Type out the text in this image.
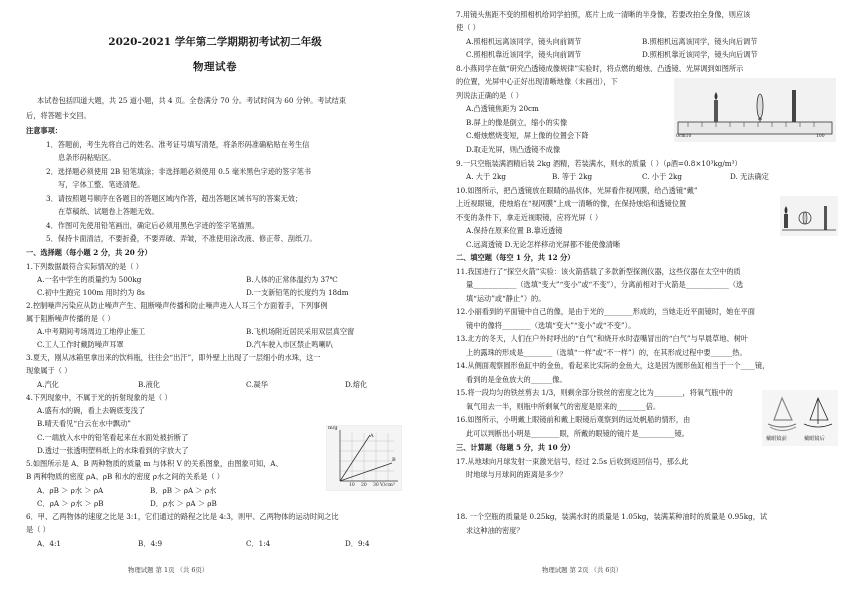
2020-2021 学年第二学期期初考试初二年级
物理试卷
本试卷包括四道大题，共 25 道小题，共 4 页。全卷满分 70 分。考试时间为 60 分钟。考试结束
后，将答题卡交回。
注意事项：
1．答题前，考生先将自己的姓名、准考证号填写清楚，将条形码准确粘贴在考生信
息条形码粘贴区。
2．选择题必须使用 2B 铅笔填涂；非选择题必须使用 0.5 毫米黑色字迹的签字笔书
写，字体工整、笔迹清楚。
3．请按照题号顺序在各题目的答题区域内作答，超出答题区域书写的答案无效；
在草稿纸、试题卷上答题无效。
4．作图可先使用铅笔画出，确定后必须用黑色字迹的签字笔描黑。
5．保持卡面清洁，不要折叠，不要弄破、弄皱，不准使用涂改液、修正带、刮纸刀。
一、选择题（每小题 2 分，共 20 分）
1.下列数据最符合实际情况的是（ ）
A.一名中学生的质量约为 500kg	B.人体的正常体温约为 37℃
C.初中生跑完 100m 用时约为 8s	D.一支新铅笔的长度约为 18dm
2.控制噪声污染应从防止噪声产生、阻断噪声传播和防止噪声进入人耳三个方面着手，下列事例
属于阻断噪声传播的是（ ）
A.中考期间考场周边工地停止施工	B.飞机场附近居民采用双层真空窗
C.工人工作时戴防噪声耳罩	D.汽车驶入市区禁止鸣喇叭
3.夏天，刚从冰箱里拿出来的饮料瓶，往往会“出汗”，即外壁上出现了一层细小的水珠，这一
现象属于（ ）
A.汽化	B.液化	C.凝华	D.熔化
4.下列现象中，不属于光的折射现象的是（ ）
A.盛有水的碗，看上去碗底变浅了
B.晴天看见“白云在水中飘动”
C.一端放入水中的铅笔看起来在水面处被折断了
D.透过一张透明塑料纸上的水珠看到的字放大了
5.如图所示是 A、B 两种物质的质量 m 与体积 V 的关系图象，由图象可知，A、
B 两种物质的密度 ρA、ρB 和水的密度 ρ水之间的关系是（ ）
A．ρB ＞ ρ水 ＞ ρA	B．ρB ＞ ρA ＞ ρ水
C．ρA ＞ ρ水 ＞ ρB	D．ρ水 ＞ ρA ＞ ρB
6．甲、乙两物体的速度之比是 3:1，它们通过的路程之比是 4:3，则甲、乙两物体的运动时间之比
是（ ）
A．4:1	B．4:9	C．1:4	D．9:4
m/g
V/cm³
A
B
10 20 30
物理试题 第 1页 （共 6页）
7.用镜头焦距不变的照相机给同学拍照，底片上成一清晰的半身像，若要改拍全身像，则应该
使（ ）
A.照相机远离该同学，镜头向前调节	B.照相机远离该同学，镜头向后调节
C.照相机靠近该同学，镜头向前调节	D.照相机靠近该同学，镜头向后调节
8.小燕同学在做“研究凸透镜成像规律”实验时，将点燃的蜡烛、凸透镜、光屏调到如图所示
的位置，光屏中心正好出现清晰地像（未画出），下
列说法正确的是（ ）
A.凸透镜焦距为 20cm
B.屏上的像是倒立，缩小的实像
C.蜡烛燃烧变短，屏上像的位置会下降
D.取走光屏，则凸透镜不成像
0cm10	100
9.一只空瓶装满酒精后装 2kg 酒精，若装满水，则水的质量（ ）（ρ酒=0.8×10³kg/m³）
A. 大于 2kg	B. 等于 2kg	C. 小于 2kg	D. 无法确定
10.如图所示，把凸透镜放在眼睛的晶状体，光屏看作视网膜，给凸透镜“戴”
上近视眼镜，使烛焰在“视网膜”上成一清晰的像，在保持烛焰和透镜位置
不变的条件下，拿走近视眼镜，应将光屏（ ）
A.保持在原来位置 B.靠近透镜
C.远离透镜 D.无论怎样移动光屏都不能使像清晰
二、填空题（每空 1 分，共 12 分）
11.我国进行了“探空火箭”实验：该火箭搭载了多款新型探测仪器，这些仪器在太空中的质
量____________（选填“变大”“变小”或“不变”），分离前相对于火箭是____________（选
填“运动”或“静止”）的。
12.小丽看到的平面镜中自己的像，是由于光的________形成的，当她走近平面镜时，她在平面
镜中的像将________（选填“变大”“变小”或“不变”）。
13.北方的冬天，人们在户外时呼出的“白气”和烧开水时壶嘴冒出的“白气”与早晨草地、树叶
上的露珠的形成是________（选填“一样”或“不一样”）的，在其形成过程中要______热。
14.从侧面观察圆形鱼缸中的金鱼，看起来比实际的金鱼大，这是因为圆形鱼缸相当于一个____镜，
看到的是金鱼放大的______像。
15.将一段均匀的铁丝剪去 1/3，则剩余部分铁丝的密度之比为________，将氧气瓶中的
氧气用去一半，则瓶中所剩氧气的密度是原来的________倍。
16.如图所示，小明戴上眼镜前和戴上眼镜后观察到的远处帆船的情形，由
此可以判断出小明是________眼，所戴的眼镜的镜片是__________镜。
戴眼镜前	戴眼镜后
三、计算题（每题 5 分，共 10 分）
17.从地球向月球发射一束激光信号，经过 2.5s 后收到返回信号，那么此
时地球与月球间的距离是多少？
18. 一个空瓶的质量是 0.25kg，装满水时的质量是 1.05kg，装满某种油时的质量是 0.95kg，试
求这种油的密度？
物理试题 第 2页 （共 6页）
